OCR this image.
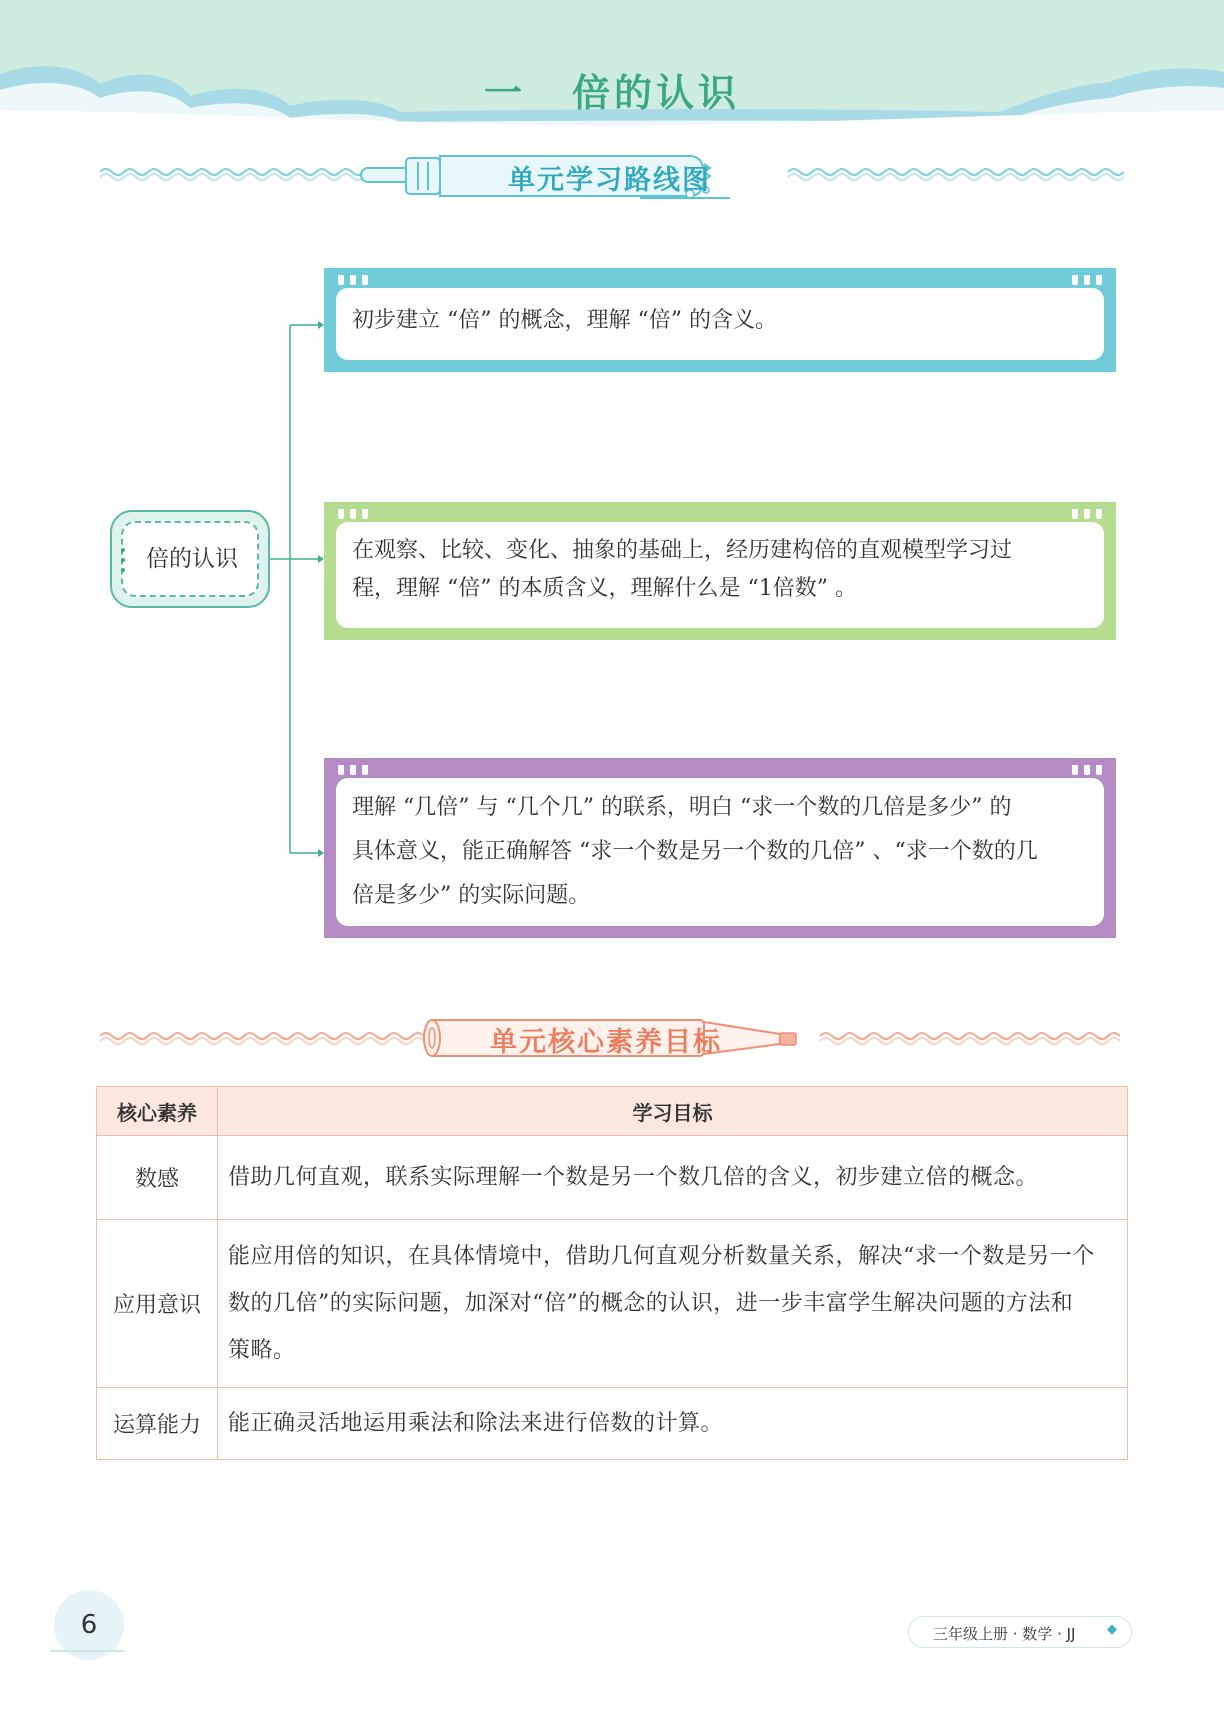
一 倍的认识
单元学习路线图
倍的认识
初步建立 “倍” 的概念，理解 “倍” 的含义。
在观察、比较、变化、抽象的基础上，经历建构倍的直观模型学习过
程，理解 “倍” 的本质含义，理解什么是 “1倍数” 。
理解 “几倍” 与 “几个几” 的联系，明白 “求一个数的几倍是多少” 的
具体意义，能正确解答 “求一个数是另一个数的几倍” 、“求一个数的几
倍是多少” 的实际问题。
单元核心素养目标
核心素养	学习目标
数感	借助几何直观，联系实际理解一个数是另一个数几倍的含义，初步建立倍的概念。

应用意识	能应用倍的知识，在具体情境中，借助几何直观分析数量关系，解决“求一个数是另一个
数的几倍”的实际问题，加深对“倍”的概念的认识，进一步丰富学生解决问题的方法和
策略。

运算能力	能正确灵活地运用乘法和除法来进行倍数的计算。
6	三年级上册 · 数学 · JJ ◆
